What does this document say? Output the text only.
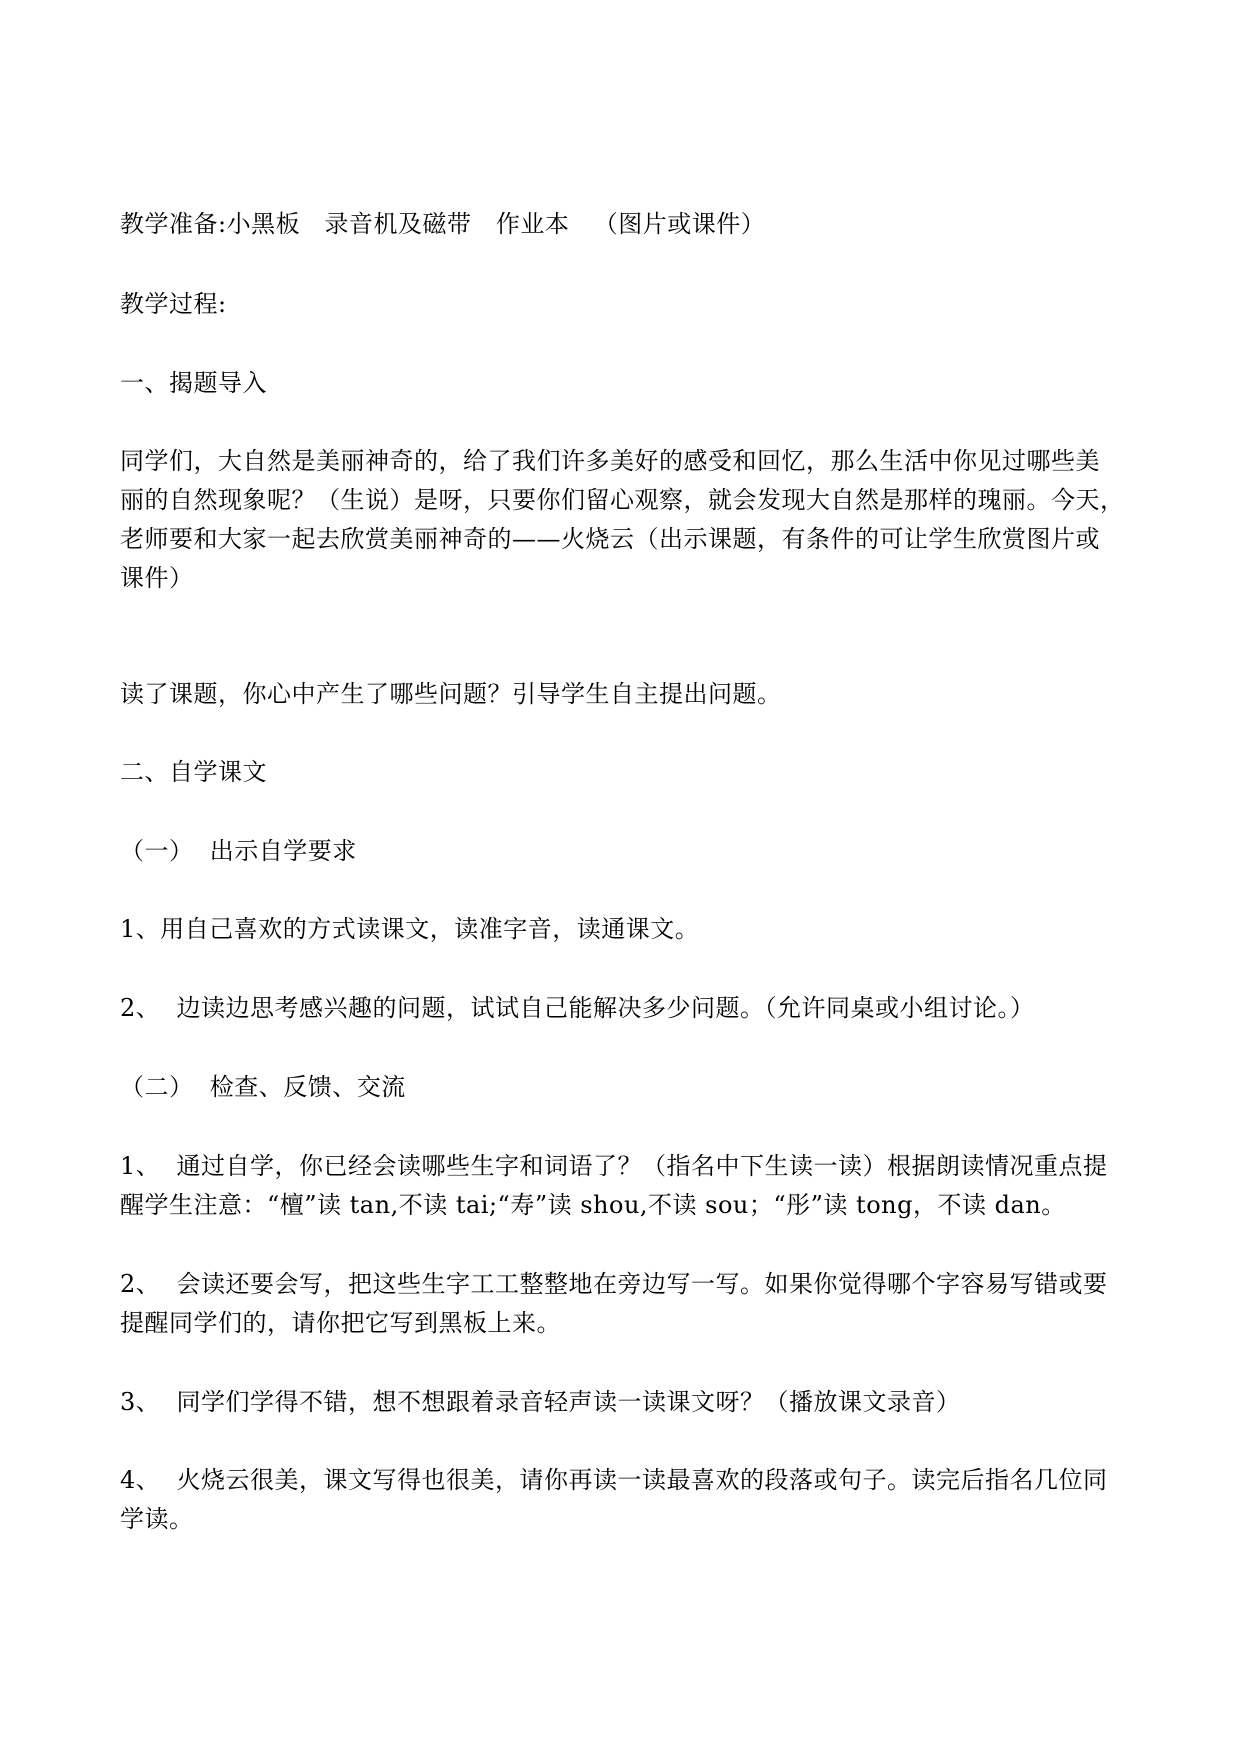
教学准备:小黑板   录音机及磁带   作业本   （图片或课件）

教学过程:

一、揭题导入

同学们，大自然是美丽神奇的，给了我们许多美好的感受和回忆，那么生活中你见过哪些美
丽的自然现象呢？（生说）是呀，只要你们留心观察，就会发现大自然是那样的瑰丽。今天，
老师要和大家一起去欣赏美丽神奇的——火烧云（出示课题，有条件的可让学生欣赏图片或
课件）

读了课题，你心中产生了哪些问题？引导学生自主提出问题。

二、自学课文

（一）  出示自学要求

1、用自己喜欢的方式读课文，读准字音，读通课文。

2、  边读边思考感兴趣的问题，试试自己能解决多少问题。（允许同桌或小组讨论。）

（二）  检查、反馈、交流

1、  通过自学，你已经会读哪些生字和词语了？（指名中下生读一读）根据朗读情况重点提
醒学生注意：“檀”读 tan,不读 tai;“寿”读 shou,不读 sou；“彤”读 tong，不读 dan。
2、  会读还要会写，把这些生字工工整整地在旁边写一写。如果你觉得哪个字容易写错或要
提醒同学们的，请你把它写到黑板上来。

3、  同学们学得不错，想不想跟着录音轻声读一读课文呀？（播放课文录音）

4、  火烧云很美，课文写得也很美，请你再读一读最喜欢的段落或句子。读完后指名几位同
学读。
